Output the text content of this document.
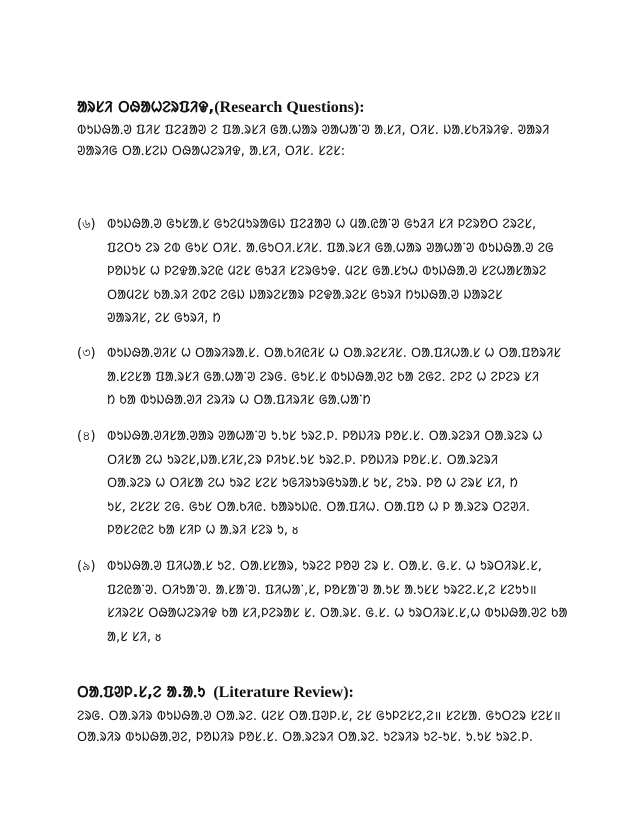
ᱟᱨᱥᱤ ᱛᱷᱟᱦᱮᱨᱯᱤᱫ,(Research Questions):
ᱵᱩᱡᱷᱟᱹᱣ ᱯᱤᱥ ᱯᱮᱲᱟᱣ ᱮ ᱯᱟᱹᱨᱥᱤ ᱜᱟᱹᱦᱟᱨ ᱣᱟᱦᱟᱸᱣ ᱟᱹᱥᱤ, ᱛᱤᱥ. ᱡᱟᱹᱥᱠᱤᱨᱤᱫ. ᱣᱟᱨᱤ
ᱣᱟᱨᱤᱜ ᱛᱟᱹᱥᱮᱡ ᱛᱷᱟᱦᱮᱨᱤᱫ, ᱟᱹᱥᱤ, ᱛᱤᱥ. ᱥᱮᱥ:
(৬) ᱵᱩᱡᱷᱟᱹᱣ ᱜᱩᱥᱟᱹᱥ ᱜᱩᱮᱢᱩᱨᱟᱜᱡ ᱯᱮᱲᱟᱣ ᱦ ᱢᱟᱹᱭᱟᱸᱣ ᱜᱩᱲᱤ ᱥᱤ ᱞᱮᱨᱚᱛ ᱮᱨᱮᱥ,
ᱯᱮᱛᱩ ᱮᱨ ᱮᱵ ᱜᱩᱥ ᱛᱤᱥ. ᱟᱹᱜᱩᱛᱤ.ᱥᱤᱥ. ᱯᱟᱹᱨᱥᱤ ᱜᱟᱹᱦᱟᱨ ᱣᱟᱦᱟᱸᱣ ᱵᱩᱡᱷᱟᱹᱣ ᱮᱜ
ᱞᱚᱡᱩᱥ ᱦ ᱞᱮᱫᱟᱹᱨᱮᱭ ᱢᱮᱥ ᱜᱩᱲᱤ ᱥᱮᱨᱜᱩᱫ. ᱢᱮᱥ ᱜᱟᱹᱥᱩᱦ ᱵᱩᱡᱷᱟᱹᱣ ᱥᱮᱦᱟᱥᱟᱨᱮ
ᱛᱟᱢᱮᱥ ᱠᱟᱹᱨᱤ ᱮᱵᱮ ᱮᱜᱡ ᱡᱟᱨᱮᱥᱟᱨ ᱞᱮᱫᱟᱹᱨᱮᱥ ᱜᱩᱨᱤ ᱴᱩᱡᱷᱟᱹᱣ ᱡᱟᱨᱮᱥ
ᱣᱟᱨᱤᱥ, ᱮᱥ ᱜᱩᱨᱤ, ᱴ
(৩) ᱵᱩᱡᱷᱟᱹᱣᱤᱥ ᱦ ᱛᱟᱨᱤᱨᱟᱹᱥ. ᱛᱟᱹᱠᱤᱭᱤᱥ ᱦ ᱛᱟᱹᱨᱮᱥᱤᱥ. ᱛᱟᱹᱯᱤᱦᱟᱹᱥ ᱦ ᱛᱟᱹᱯᱚᱨᱤᱥ
ᱟᱹᱥᱮᱥᱟ ᱯᱟᱹᱨᱥᱤ ᱜᱟᱹᱦᱟᱸᱣ ᱮᱨᱜ. ᱜᱩᱥ.ᱥ ᱵᱩᱡᱷᱟᱹᱣᱮ ᱠᱟ ᱮᱜᱮ. ᱮᱞᱮ ᱦ ᱮᱞᱮᱨ ᱥᱤ
ᱴ ᱠᱟ ᱵᱩᱡᱷᱟᱹᱣᱤ ᱮᱨᱤᱨ ᱦ ᱛᱟᱹᱯᱤᱨᱤᱥ ᱜᱟᱹᱦᱟᱸᱴ
(৪) ᱵᱩᱡᱷᱟᱹᱣᱤᱥᱟᱹᱣᱟᱨ ᱣᱟᱦᱟᱸᱣ ᱩ.ᱩᱥ ᱩᱨᱮ.ᱞ. ᱞᱚᱡᱤᱨ ᱞᱚᱥ.ᱥ. ᱛᱟᱹᱨᱮᱨᱤ ᱛᱟᱹᱨᱮᱨ ᱦ
ᱛᱤᱥᱟ ᱮᱦ ᱩᱨᱮᱥ,ᱡᱟᱹᱥᱤᱥ,ᱮᱨ ᱞᱤᱩᱥ.ᱩᱥ ᱩᱨᱮ.ᱞ. ᱞᱚᱡᱤᱨ ᱞᱚᱥ.ᱥ. ᱛᱟᱹᱨᱮᱨᱤ
ᱛᱟᱹᱨᱮᱨ ᱦ ᱛᱤᱥᱟ ᱮᱦ ᱩᱨᱮ ᱥᱮᱥ ᱩᱜᱤᱨᱩᱨᱜᱩᱨᱟᱹᱥ ᱩᱥ, ᱮᱩᱨ. ᱞᱚ ᱦ ᱮᱨᱥ ᱥᱤ, ᱴ
ᱩᱥ, ᱮᱥᱮᱥ ᱮᱜ. ᱜᱩᱥ ᱛᱟᱹᱠᱤᱭ. ᱠᱟᱨᱩᱡᱭ. ᱛᱟᱹᱯᱤᱦ. ᱛᱟᱹᱯᱚ ᱦ ᱞ ᱟᱹᱨᱮᱨ ᱛᱮᱣᱤ.
ᱞᱚᱥᱮᱭᱮ ᱠᱟ ᱥᱤᱞ ᱦ ᱟᱹᱨᱤ ᱥᱮᱨ ᱩ, ᴕ
(৯) ᱵᱩᱡᱷᱟᱹᱣ ᱯᱤᱦᱟᱹᱥ ᱩᱮ. ᱛᱟᱹᱥᱥᱟᱨ, ᱩᱨᱮᱮ ᱞᱚᱣ ᱮᱨ ᱥ. ᱛᱟᱹᱥ. ᱜ.ᱥ. ᱦ ᱩᱨᱛᱤᱨᱥ.ᱥ,
ᱯᱮᱭᱟᱸᱣ. ᱛᱤᱩᱟᱸᱣ. ᱟᱹᱥᱟᱸᱣ. ᱯᱤᱦᱟᱸ,ᱥ, ᱞᱚᱥᱟᱸᱣ ᱟᱹᱩᱥ ᱟᱹᱩᱥᱥ ᱩᱨᱮᱮ.ᱥ,ᱮ ᱥᱮᱩᱩ॥
ᱥᱤᱨᱮᱥ ᱛᱷᱟᱦᱮᱨᱤᱫ ᱠᱟ ᱥᱤ,ᱞᱮᱨᱟᱥ ᱥ. ᱛᱟᱹᱨᱥ. ᱜ.ᱥ. ᱦ ᱩᱨᱛᱤᱨᱥ.ᱥ,ᱦ ᱵᱩᱡᱷᱟᱹᱣᱮ ᱠᱟ
ᱟ,ᱥ ᱥᱤ, ᴕ
ᱛᱟᱹᱯᱣᱞ.ᱥ,ᱮ ᱟ.ᱟᱹᱩ (Literature Review):
ᱮᱨᱜ. ᱛᱟᱹᱨᱤᱨ ᱵᱩᱡᱷᱟᱹᱣ ᱛᱟᱹᱨᱮ. ᱢᱮᱥ ᱛᱟᱹᱯᱣᱞ.ᱥ, ᱮᱥ ᱜᱩᱞᱮᱥᱮ,ᱮ॥ ᱥᱮᱥᱟ. ᱜᱩᱛᱮᱨ ᱥᱮᱥ॥
ᱛᱟᱹᱨᱤᱨ ᱵᱩᱡᱷᱟᱹᱣᱮ, ᱞᱚᱡᱤᱨ ᱞᱚᱥ.ᱥ. ᱛᱟᱹᱨᱮᱨᱤ ᱛᱟᱹᱨᱮ. ᱩᱮᱨᱤᱨ ᱩᱮ-ᱩᱥ. ᱩ.ᱩᱥ ᱩᱨᱮ.ᱞ.
